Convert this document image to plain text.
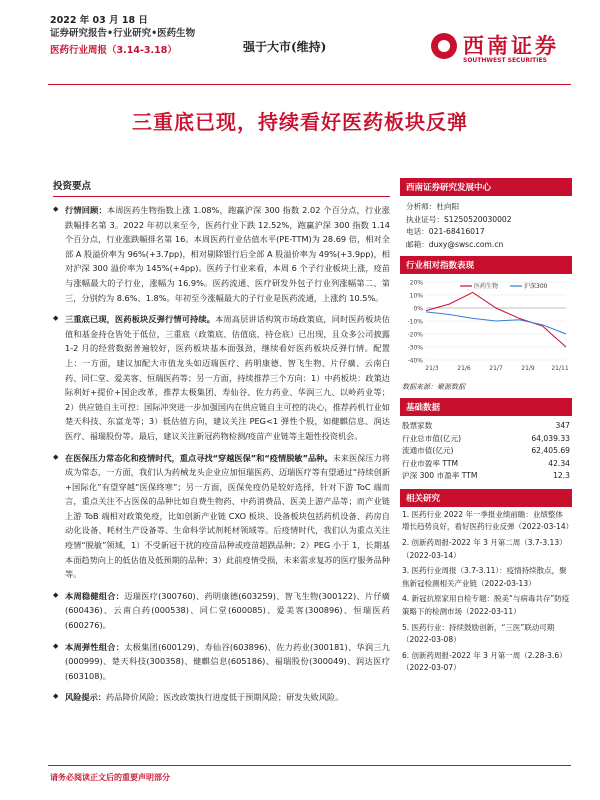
2022 年 03 月 18 日
证券研究报告•行业研究•医药生物
医药行业周报（3.14-3.18）	强于大市(维持)	西南证券
SOUTHWEST SECURITIES
三重底已现，持续看好医药板块反弹
投资要点
◆ 行情回顾：本周医药生物指数上涨 1.08%，跑赢沪深 300 指数 2.02 个百分点，行业涨跌幅排名第 3。2022 年初以来至今，医药行业下跌 12.52%，跑赢沪深 300 指数 1.14 个百分点，行业涨跌幅排名第 16。本周医药行业估值水平(PE-TTM)为 28.69 倍，相对全部 A 股溢价率为 96%(+3.7pp)，相对剔除银行后全部 A 股溢价率为 49%(+3.9pp)，相对沪深 300 溢价率为 145%(+4pp)。医药子行业来看，本周 6 个子行业板块上涨，疫苗与涨幅最大的子行业，涨幅为 16.9%。医药流通、医疗研发外包子行业列涨幅第二、第三，分别约为 8.6%、1.8%。年初至今涨幅最大的子行业是医药流通，上涨约 10.5%。
◆ 三重底已现，医药板块反弹行情可持续。本周高层讲话构筑市场政策底，同时医药板块估值和基金持仓皆处于低位，三重底（政策底、估值底、持仓底）已出现，且众多公司披露 1-2 月的经营数据普遍较好，医药板块基本面强劲，继续看好医药板块反弹行情。配置上：一方面，建议加配大市值龙头如迈瑞医疗、药明康德、智飞生物、片仔癀、云南白药、同仁堂、爱美客、恒瑞医药等；另一方面，持续推荐三个方向：1）中药板块：政策边际利好+提价+国企改革，推荐太极集团、寿仙谷、佐力药业、华润三九、以岭药业等；2）供应链自主可控：国际冲突进一步加强国内在供应链自主可控的决心，推荐药机行业如楚天科技、东富龙等；3）低估值方向，建议关注 PEG<1 弹性个股，如健麒信息、润达医疗、福瑞股份等。最后，建议关注新冠药物检测/疫苗产业链等主题性投资机会。
◆ 在医保压力常态化和疫情时代，重点寻找“穿越医保”和“疫情脱敏”品种。未来医保压力将成为常态，一方面，我们认为药械龙头企业应加恒瑞医药、迈瑞医疗等有望通过“持续创新+国际化”有望穿越“医保终寒”；另一方面，医保免疫仍是较好选择，针对下游 ToC 端而言，重点关注不占医保的品种比如自费生物药、中药消费品、医美上游产品等；而产业链上游 ToB 端相对政策免疫，比如创新产业链 CXO 板块、设备板块包括药机设备、药房自动化设备、耗材生产设备等、生命科学试剂耗材领域等。后疫情时代，我们认为重点关注疫情“脱敏”领域，1）不受新冠干扰的疫苗品种或疫苗超跌品种；2）PEG 小于 1，长期基本面趋势向上的低估值及低预期的品种；3）此前疫情受损，未来需求复苏的医疗服务品种等。
◆ 本周稳健组合：迈瑞医疗(300760)、药明康德(603259)、智飞生物(300122)、片仔癀(600436)、云南白药(000538)、同仁堂(600085)、爱美客(300896)、恒瑞医药(600276)。
◆ 本周弹性组合：太极集团(600129)、寿仙谷(603896)、佐力药业(300181)、华润三九(000999)、楚天科技(300358)、健麒信息(605186)、福瑞股份(300049)、润达医疗(603108)。
◆ 风险提示：药品降价风险；医改政策执行进度低于预期风险；研发失败风险。
西南证券研究发展中心
分析师：杜向阳
执业证号：S1250520030002
电话：021-68416017
邮箱：duxy@swsc.com.cn
行业相对指数表现
20%
10%
0%
-10%
-20%
-30%
-40%
21/3	21/6	21/7	21/9	21/11
医药生物	沪深300
数据来源：聚源数据
基础数据
股票家数	347
行业总市值(亿元)	64,039.33
流通市值(亿元)	62,405.69
行业市盈率 TTM	42.34
沪深 300 市盈率 TTM	12.3
相关研究
1. 医药行业 2022 年一季报业绩前瞻：业绩整体增长趋势良好，看好医药行业反弹（2022-03-14）
2. 创新药周报-2022 年 3 月第二周（3.7-3.13）（2022-03-14）
3. 医药行业周报（3.7-3.11）：疫情持续散点，聚焦新冠检测相关产业链（2022-03-13）
4. 新冠抗原家用自检专题：脱美“与病毒共存”防疫策略下的检测市场（2022-03-11）
5. 医药行业：持续鼓励创新，“三医”联动可期（2022-03-08）
6. 创新药周报-2022 年 3 月第一周（2.28-3.6）（2022-03-07）
请务必阅读正文后的重要声明部分
